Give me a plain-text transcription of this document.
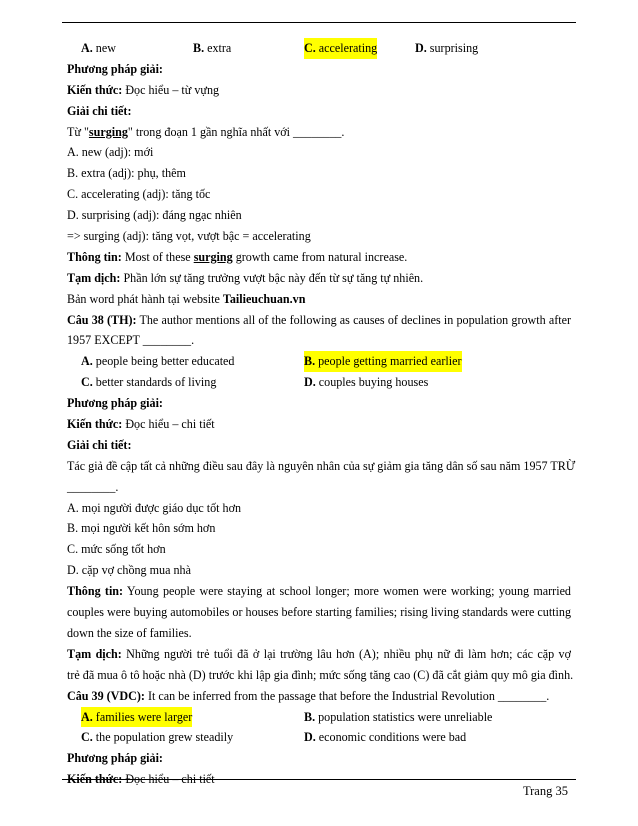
A. new	B. extra	C. accelerating	D. surprising
Phương pháp giải:
Kiến thức: Đọc hiểu – từ vựng
Giải chi tiết:
Từ "surging" trong đoạn 1 gần nghĩa nhất với ________.
A. new (adj): mới
B. extra (adj): phụ, thêm
C. accelerating (adj): tăng tốc
D. surprising (adj): đáng ngạc nhiên
=> surging (adj): tăng vọt, vượt bậc = accelerating
Thông tin: Most of these surging growth came from natural increase.
Tạm dịch: Phần lớn sự tăng trưởng vượt bậc này đến từ sự tăng tự nhiên.
Bản word phát hành tại website Tailieuchuan.vn
Câu 38 (TH): The author mentions all of the following as causes of declines in population growth after
1957 EXCEPT ________.
A. people being better educated	B. people getting married earlier
C. better standards of living	D. couples buying houses
Phương pháp giải:
Kiến thức: Đọc hiểu – chi tiết
Giải chi tiết:
Tác giả đề cập tất cả những điều sau đây là nguyên nhân của sự giảm gia tăng dân số sau năm 1957 TRỪ
________.
A. mọi người được giáo dục tốt hơn
B. mọi người kết hôn sớm hơn
C. mức sống tốt hơn
D. cặp vợ chồng mua nhà
Thông tin: Young people were staying at school longer; more women were working; young married
couples were buying automobiles or houses before starting families; rising living standards were cutting
down the size of families.
Tạm dịch: Những người trẻ tuổi đã ở lại trường lâu hơn (A); nhiều phụ nữ đi làm hơn; các cặp vợ
trẻ đã mua ô tô hoặc nhà (D) trước khi lập gia đình; mức sống tăng cao (C) đã cắt giảm quy mô gia đình.
Câu 39 (VDC): It can be inferred from the passage that before the Industrial Revolution ________.
A. families were larger	B. population statistics were unreliable
C. the population grew steadily	D. economic conditions were bad
Phương pháp giải:
Kiến thức: Đọc hiểu – chi tiết
Trang 35
